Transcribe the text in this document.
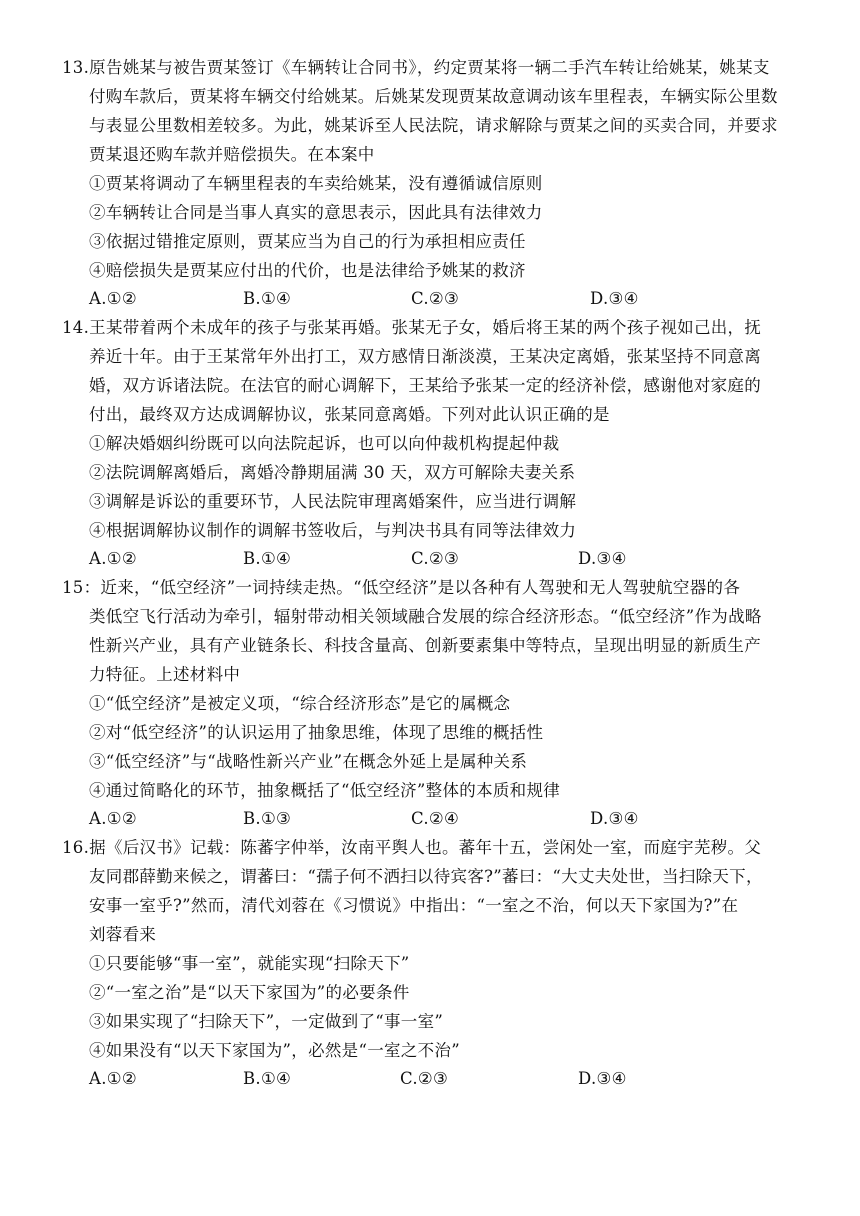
13.原告姚某与被告贾某签订《车辆转让合同书》，约定贾某将一辆二手汽车转让给姚某，姚某支
付购车款后，贾某将车辆交付给姚某。后姚某发现贾某故意调动该车里程表，车辆实际公里数
与表显公里数相差较多。为此，姚某诉至人民法院，请求解除与贾某之间的买卖合同，并要求
贾某退还购车款并赔偿损失。在本案中
①贾某将调动了车辆里程表的车卖给姚某，没有遵循诚信原则
②车辆转让合同是当事人真实的意思表示，因此具有法律效力
③依据过错推定原则，贾某应当为自己的行为承担相应责任
④赔偿损失是贾某应付出的代价，也是法律给予姚某的救济
A.①②	B.①④	C.②③	D.③④
14.王某带着两个未成年的孩子与张某再婚。张某无子女，婚后将王某的两个孩子视如己出，抚
养近十年。由于王某常年外出打工，双方感情日渐淡漠，王某决定离婚，张某坚持不同意离
婚，双方诉诸法院。在法官的耐心调解下，王某给予张某一定的经济补偿，感谢他对家庭的
付出，最终双方达成调解协议，张某同意离婚。下列对此认识正确的是
①解决婚姻纠纷既可以向法院起诉，也可以向仲裁机构提起仲裁
②法院调解离婚后，离婚冷静期届满 30 天，双方可解除夫妻关系
③调解是诉讼的重要环节，人民法院审理离婚案件，应当进行调解
④根据调解协议制作的调解书签收后，与判决书具有同等法律效力
A.①②	B.①④	C.②③	D.③④
15：近来，“低空经济”一词持续走热。“低空经济”是以各种有人驾驶和无人驾驶航空器的各
类低空飞行活动为牵引，辐射带动相关领域融合发展的综合经济形态。“低空经济”作为战略
性新兴产业，具有产业链条长、科技含量高、创新要素集中等特点，呈现出明显的新质生产
力特征。上述材料中
①“低空经济”是被定义项，“综合经济形态”是它的属概念
②对“低空经济”的认识运用了抽象思维，体现了思维的概括性
③“低空经济”与“战略性新兴产业”在概念外延上是属种关系
④通过简略化的环节，抽象概括了“低空经济”整体的本质和规律
A.①②	B.①③	C.②④	D.③④
16.据《后汉书》记载：陈蕃字仲举，汝南平舆人也。蕃年十五，尝闲处一室，而庭宇芜秽。父
友同郡薛勤来候之，谓蕃曰：“孺子何不洒扫以待宾客?”蕃曰：“大丈夫处世，当扫除天下，
安事一室乎?”然而，清代刘蓉在《习惯说》中指出：“一室之不治，何以天下家国为?”在
刘蓉看来
①只要能够“事一室”，就能实现“扫除天下”
②“一室之治”是“以天下家国为”的必要条件
③如果实现了“扫除天下”，一定做到了“事一室”
④如果没有“以天下家国为”，必然是“一室之不治”
A.①②	B.①④	C.②③	D.③④
